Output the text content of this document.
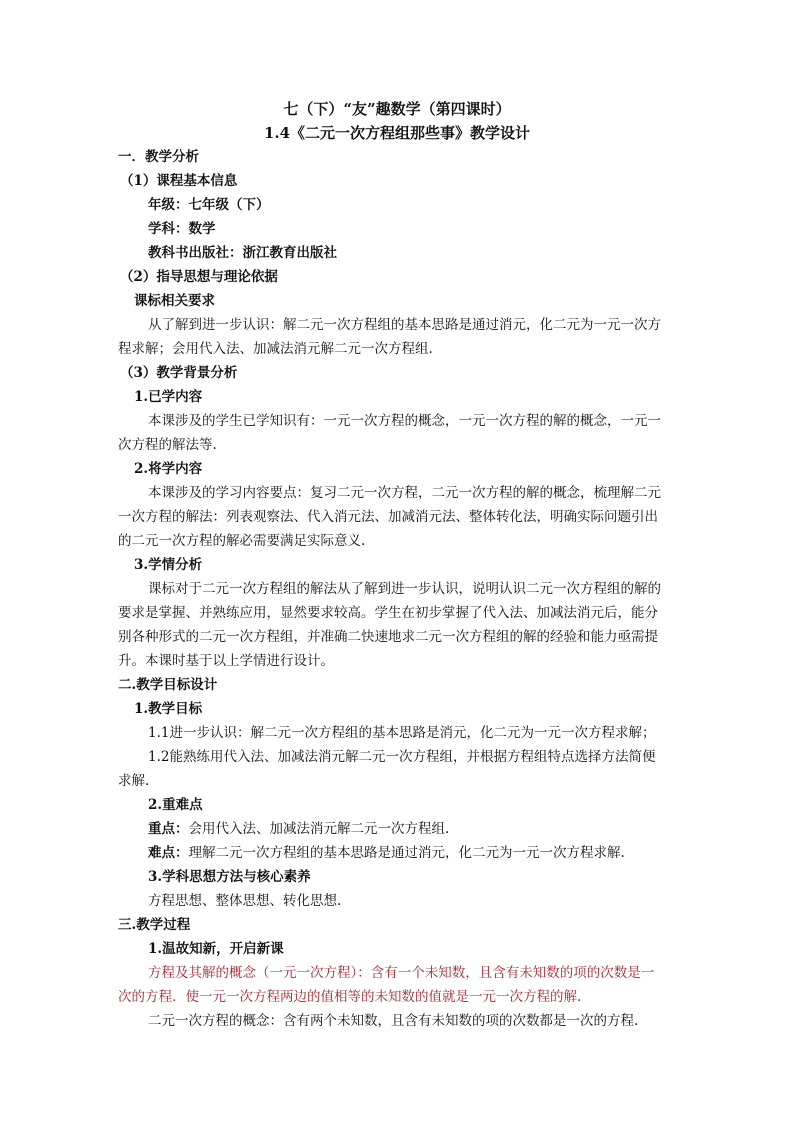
七（下）“友”趣数学（第四课时）
1.4《二元一次方程组那些事》教学设计
一．教学分析
（1）课程基本信息
年级：七年级（下）
学科：数学
教科书出版社：浙江教育出版社
（2）指导思想与理论依据
课标相关要求
从了解到进一步认识：解二元一次方程组的基本思路是通过消元，化二元为一元一次方
程求解；会用代入法、加减法消元解二元一次方程组.
（3）教学背景分析
1.已学内容
本课涉及的学生已学知识有：一元一次方程的概念，一元一次方程的解的概念，一元一
次方程的解法等.
2.将学内容
本课涉及的学习内容要点：复习二元一次方程，二元一次方程的解的概念，梳理解二元
一次方程的解法：列表观察法、代入消元法、加减消元法、整体转化法，明确实际问题引出
的二元一次方程的解必需要满足实际意义.
3.学情分析
课标对于二元一次方程组的解法从了解到进一步认识，说明认识二元一次方程组的解的
要求是掌握、并熟练应用，显然要求较高。学生在初步掌握了代入法、加减法消元后，能分
别各种形式的二元一次方程组，并准确二快速地求二元一次方程组的解的经验和能力亟需提
升。本课时基于以上学情进行设计。
二.教学目标设计
1.教学目标
1.1进一步认识：解二元一次方程组的基本思路是消元，化二元为一元一次方程求解；
1.2能熟练用代入法、加减法消元解二元一次方程组，并根据方程组特点选择方法简便
求解.
2.重难点
重点：会用代入法、加减法消元解二元一次方程组.
难点：理解二元一次方程组的基本思路是通过消元，化二元为一元一次方程求解.
3.学科思想方法与核心素养
方程思想、整体思想、转化思想.
三.教学过程
1.温故知新，开启新课
方程及其解的概念（一元一次方程）：含有一个未知数，且含有未知数的项的次数是一
次的方程．使一元一次方程两边的值相等的未知数的值就是一元一次方程的解.
二元一次方程的概念：含有两个未知数，且含有未知数的项的次数都是一次的方程.
